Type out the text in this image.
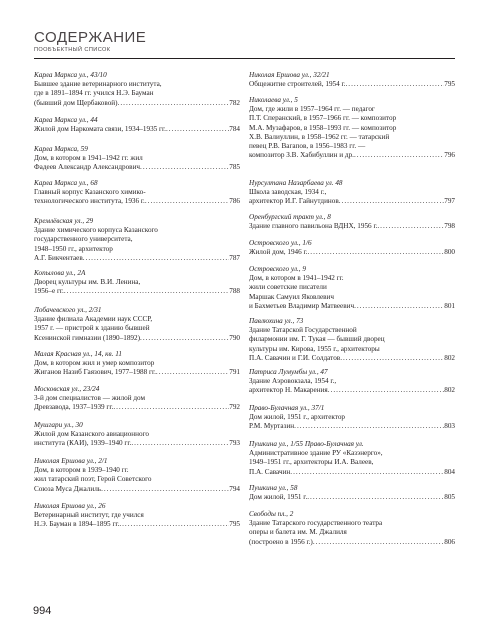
СОДЕРЖАНИЕ
ПООБЪЕКТНЫЙ СПИСОК
Карла Маркса ул., 43/10
Бывшее здание ветеринарного института,
где в 1891–1894 гг. учился Н.Э. Бауман
(бывший дом Щербаковой) .....	782
Карла Маркса ул., 44
Жилой дом Наркомата связи, 1934–1935 гг. .....	784
Карла Маркса, 59
Дом, в котором в 1941–1942 гг. жил
Фадеев Александр Александрович .....	785
Карла Маркса ул., 68
Главный корпус Казанского химико-
технологического института, 1936 г. .....	786
Кремлёвская ул., 29
Здание химического корпуса Казанского
государственного университета,
1948–1950 гг., архитектор
А.Г. Бикчентаев .....	787
Копылова ул., 2А
Дворец культуры им. В.И. Ленина,
1956–е гг. .....	788
Лобачевского ул., 2/31
Здание филиала Академии наук СССР,
1957 г. — пристрой к зданию бывшей
Ксенинской гимназии (1890–1892) .....	790
Малая Красная ул., 14, кв. 11
Дом, в котором жил и умер композитор
Жиганов Назиб Гаязович, 1977–1988 гг. .....	791
Московская ул., 23/24
3-й дом специалистов — жилой дом
Древзавода, 1937–1939 гг. .....	792
Мушгари ул., 30
Жилой дом Казанского авиационного
института (КАИ), 1939–1940 гг. .....	793
Николая Ершова ул., 2/1
Дом, в котором в 1939–1940 гг.
жил татарский поэт, Герой Советского
Союза Муса Джалиль .....	794
Николая Ершова ул., 26
Ветеринарный институт, где учился
Н.Э. Бауман в 1894–1895 гг. .....	795
Николая Ершова ул., 32/21
Общежитие строителей, 1954 г. .....	795
Николаева ул., 5
Дом, где жили в 1957–1964 гг. — педагог
П.Т. Сперанский, в 1957–1966 гг. — композитор
М.А. Музафаров, в 1958–1993 гг. — композитор
Х.В. Валиуллин, в 1958–1962 гг. — татарский
певец Р.В. Вагапов, в 1956–1983 гг. —
композитор З.В. Хабибуллин и др. .....	796
Нурсултана Назарбаева ул. 48
Школа заводская, 1934 г.,
архитектор И.Г. Гайнутдинов .....	797
Оренбургский тракт ул., 8
Здание главного павильона ВДНХ, 1956 г. .....	798
Островского ул., 1/6
Жилой дом, 1946 г. .....	800
Островского ул., 9
Дом, в котором в 1941–1942 гг.
жили советские писатели
Маршак Самуил Яковлевич
и Бахметьев Владимир Матвеевич .....	801
Павлюхина ул., 73
Здание Татарской Государственной
филармонии им. Г. Тукая — бывший дворец
культуры им. Кирова, 1955 г., архитекторы
П.А. Савачин и Г.И. Солдатов .....	802
Патриса Лумумбы ул., 47
Здание Аэровокзала, 1954 г.,
архитектор Н. Макарения .....	802
Право-Булачная ул., 37/1
Дом жилой, 1951 г., архитектор
Р.М. Муртазин .....	803
Пушкина ул., 1/55 Право-Булачная ул.
Административное здание РУ «Казэнерго»,
1949–1951 гг., архитекторы И.А. Валеев,
П.А. Савачин .....	804
Пушкина ул., 58
Дом жилой, 1951 г. .....	805
Свободы пл., 2
Здание Татарского государственного театра
оперы и балета им. М. Джалиля
(построено в 1956 г.) .....	806
994
